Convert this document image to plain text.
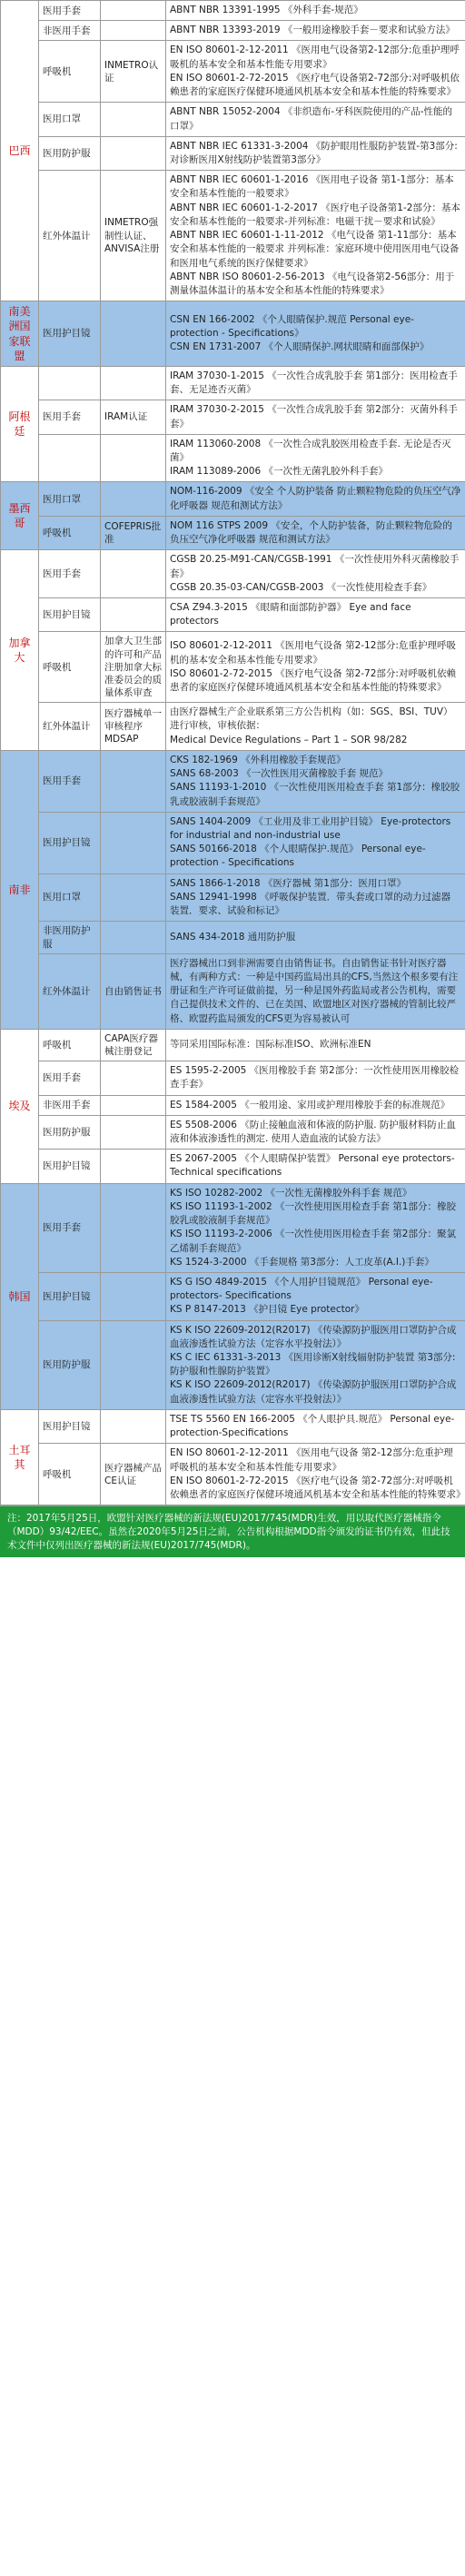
巴西	医用手套		ABNT NBR 13391-1995 《外科手套-规范》

	非医用手套		ABNT NBR 13393-2019 《一般用途橡胶手套－要求和试验方法》

	呼吸机	INMETRO认证	EN ISO 80601-2-12-2011 《医用电气设备第2-12部分:危重护理呼吸机的基本安全和基本性能专用要求》
EN ISO 80601-2-72-2015 《医疗电气设备第2-72部分:对呼吸机依赖患者的家庭医疗保健环境通风机基本安全和基本性能的特殊要求》

	医用口罩		ABNT NBR 15052-2004 《非织造布-牙科医院使用的产品-性能的口罩》

	医用防护服		ABNT NBR IEC 61331-3-2004 《防护眼用性服防护装置-第3部分:对诊断医用X射线防护装置第3部分》

	红外体温计	INMETRO强制性认证、ANVISA注册	ABNT NBR IEC 60601-1-2016 《医用电子设备 第1-1部分：基本安全和基本性能的一般要求》
ABNT NBR IEC 60601-1-2-2017 《医疗电子设备第1-2部分：基本安全和基本性能的一般要求-并列标准：电磁干扰－要求和试验》
ABNT NBR IEC 60601-1-11-2012 《电气设备 第1-11部分：基本安全和基本性能的一般要求 并列标准：家庭环境中使用医用电气设备和医用电气系统的医疗保健要求》
ABNT NBR ISO 80601-2-56-2013 《电气设备第2-56部分：用于测量体温体温计的基本安全和基本性能的特殊要求》

南美洲国家联盟	医用护目镜		CSN EN 166-2002 《个人眼睛保护.规范 Personal eye-protection - Specifications》
CSN EN 1731-2007 《个人眼睛保护.网状眼睛和面部保护》

阿根廷			IRAM 37030-1-2015 《一次性合成乳胶手套 第1部分：医用检查手套、无足迹否灭菌》

	医用手套	IRAM认证	IRAM 37030-2-2015 《一次性合成乳胶手套 第2部分：灭菌外科手套》

			IRAM 113060-2008 《一次性合成乳胶医用检查手套. 无论是否灭菌》
IRAM 113089-2006 《一次性无菌乳胶外科手套》

墨西哥	医用口罩		NOM-116-2009 《安全 个人防护装备 防止颗粒物危险的负压空气净化呼吸器 规范和测试方法》

	呼吸机	COFEPRIS批准	NOM 116 STPS 2009 《安全，个人防护装备，防止颗粒物危险的负压空气净化呼吸器 规范和测试方法》

加拿大	医用手套		CGSB 20.25-M91-CAN/CGSB-1991 《一次性使用外科灭菌橡胶手套》
CGSB 20.35-03-CAN/CGSB-2003 《一次性使用检查手套》

	医用护目镜		CSA Z94.3-2015 《眼睛和面部防护器》 Eye and face protectors

	呼吸机	加拿大卫生部的许可和产品注册加拿大标准委员会的质量体系审查	ISO 80601-2-12-2011 《医用电气设备 第2-12部分:危重护理呼吸机的基本安全和基本性能专用要求》
ISO 80601-2-72-2015 《医疗电气设备 第2-72部分:对呼吸机依赖患者的家庭医疗保健环境通风机基本安全和基本性能的特殊要求》

	红外体温计	医疗器械单一审核程序 MDSAP	由医疗器械生产企业联系第三方公告机构（如：SGS、BSI、TUV）进行审核，审核依据：
Medical Device Regulations – Part 1 – SOR 98/282

南非	医用手套		CKS 182-1969 《外科用橡胶手套规范》
SANS 68-2003 《一次性医用灭菌橡胶手套 规范》
SANS 11193-1-2010 《一次性使用医用检查手套 第1部分：橡胶胶乳或胶液制手套规范》

	医用护目镜		SANS 1404-2009 《工业用及非工业用护目镜》 Eye-protectors for industrial and non-industrial use
SANS 50166-2018 《个人眼睛保护.规范》 Personal eye-protection - Specifications

	医用口罩		SANS 1866-1-2018 《医疗器械 第1部分：医用口罩》
SANS 12941-1998 《呼吸保护装置．带头套或口罩的动力过滤器 装置．要求、试验和标记》

	非医用防护服		SANS 434-2018 通用防护服

	红外体温计	自由销售证书	医疗器械出口到非洲需要自由销售证书。自由销售证书针对医疗器械，有两种方式：一种是中国药监局出具的CFS,当然这个根多要有注册证和生产许可证做前提，另一种是国外药监局或者公告机构，需要自己提供技术文件的、已在美国、欧盟地区对医疗器械的管制比较严格、欧盟药监局颁发的CFS更为容易被认可

埃及	呼吸机	CAPA医疗器械注册登记	等同采用国际标准：国际标准ISO、欧洲标准EN

	医用手套		ES 1595-2-2005 《医用橡胶手套 第2部分：一次性使用医用橡胶检查手套》

	非医用手套		ES 1584-2005 《一般用途、家用或护理用橡胶手套的标准规范》

	医用防护服		ES 5508-2006 《防止接触血液和体液的防护服. 防护服材料防止血液和体液渗透性的测定. 使用人造血液的试验方法》

	医用护目镜		ES 2067-2005 《个人眼睛保护装置》 Personal eye protectors-Technical specifications

韩国	医用手套		KS ISO 10282-2002 《一次性无菌橡胶外科手套 规范》
KS ISO 11193-1-2002 《一次性使用医用检查手套 第1部分：橡胶胶乳或胶液制手套规范》
KS ISO 11193-2-2006 《一次性使用医用检查手套 第2部分：聚氯乙烯制手套规范》
KS 1524-3-2000 《手套规格 第3部分：人工皮革(A.I.)手套》

	医用护目镜		KS G ISO 4849-2015 《个人用护目镜规范》 Personal eye-protectors- Specifications
KS P 8147-2013 《护目镜 Eye protector》

	医用防护服		KS K ISO 22609-2012(R2017) 《传染源防护服医用口罩防护合成血液渗透性试验方法（定容水平投射法）》
KS C IEC 61331-3-2013 《医用诊断X射线辐射防护装置 第3部分:防护服和性腺防护装置》
KS K ISO 22609-2012(R2017) 《传染源防护服医用口罩防护合成血液渗透性试验方法（定容水平投射法）》

土耳其	医用护目镜		TSE TS 5560 EN 166-2005 《个人眼护具.规范》 Personal eye-protection-Specifications

	呼吸机	医疗器械产品CE认证	EN ISO 80601-2-12-2011 《医用电气设备 第2-12部分:危重护理呼吸机的基本安全和基本性能专用要求》
EN ISO 80601-2-72-2015 《医疗电气设备 第2-72部分:对呼吸机依赖患者的家庭医疗保健环境通风机基本安全和基本性能的特殊要求》
注：2017年5月25日，欧盟针对医疗器械的新法规(EU)2017/745(MDR)生效，用以取代医疗器械指令（MDD）93/42/EEC。虽然在2020年5月25日之前，公告机构根据MDD指令颁发的证书仍有效，但此技术文件中仅列出医疗器械的新法规(EU)2017/745(MDR)。
